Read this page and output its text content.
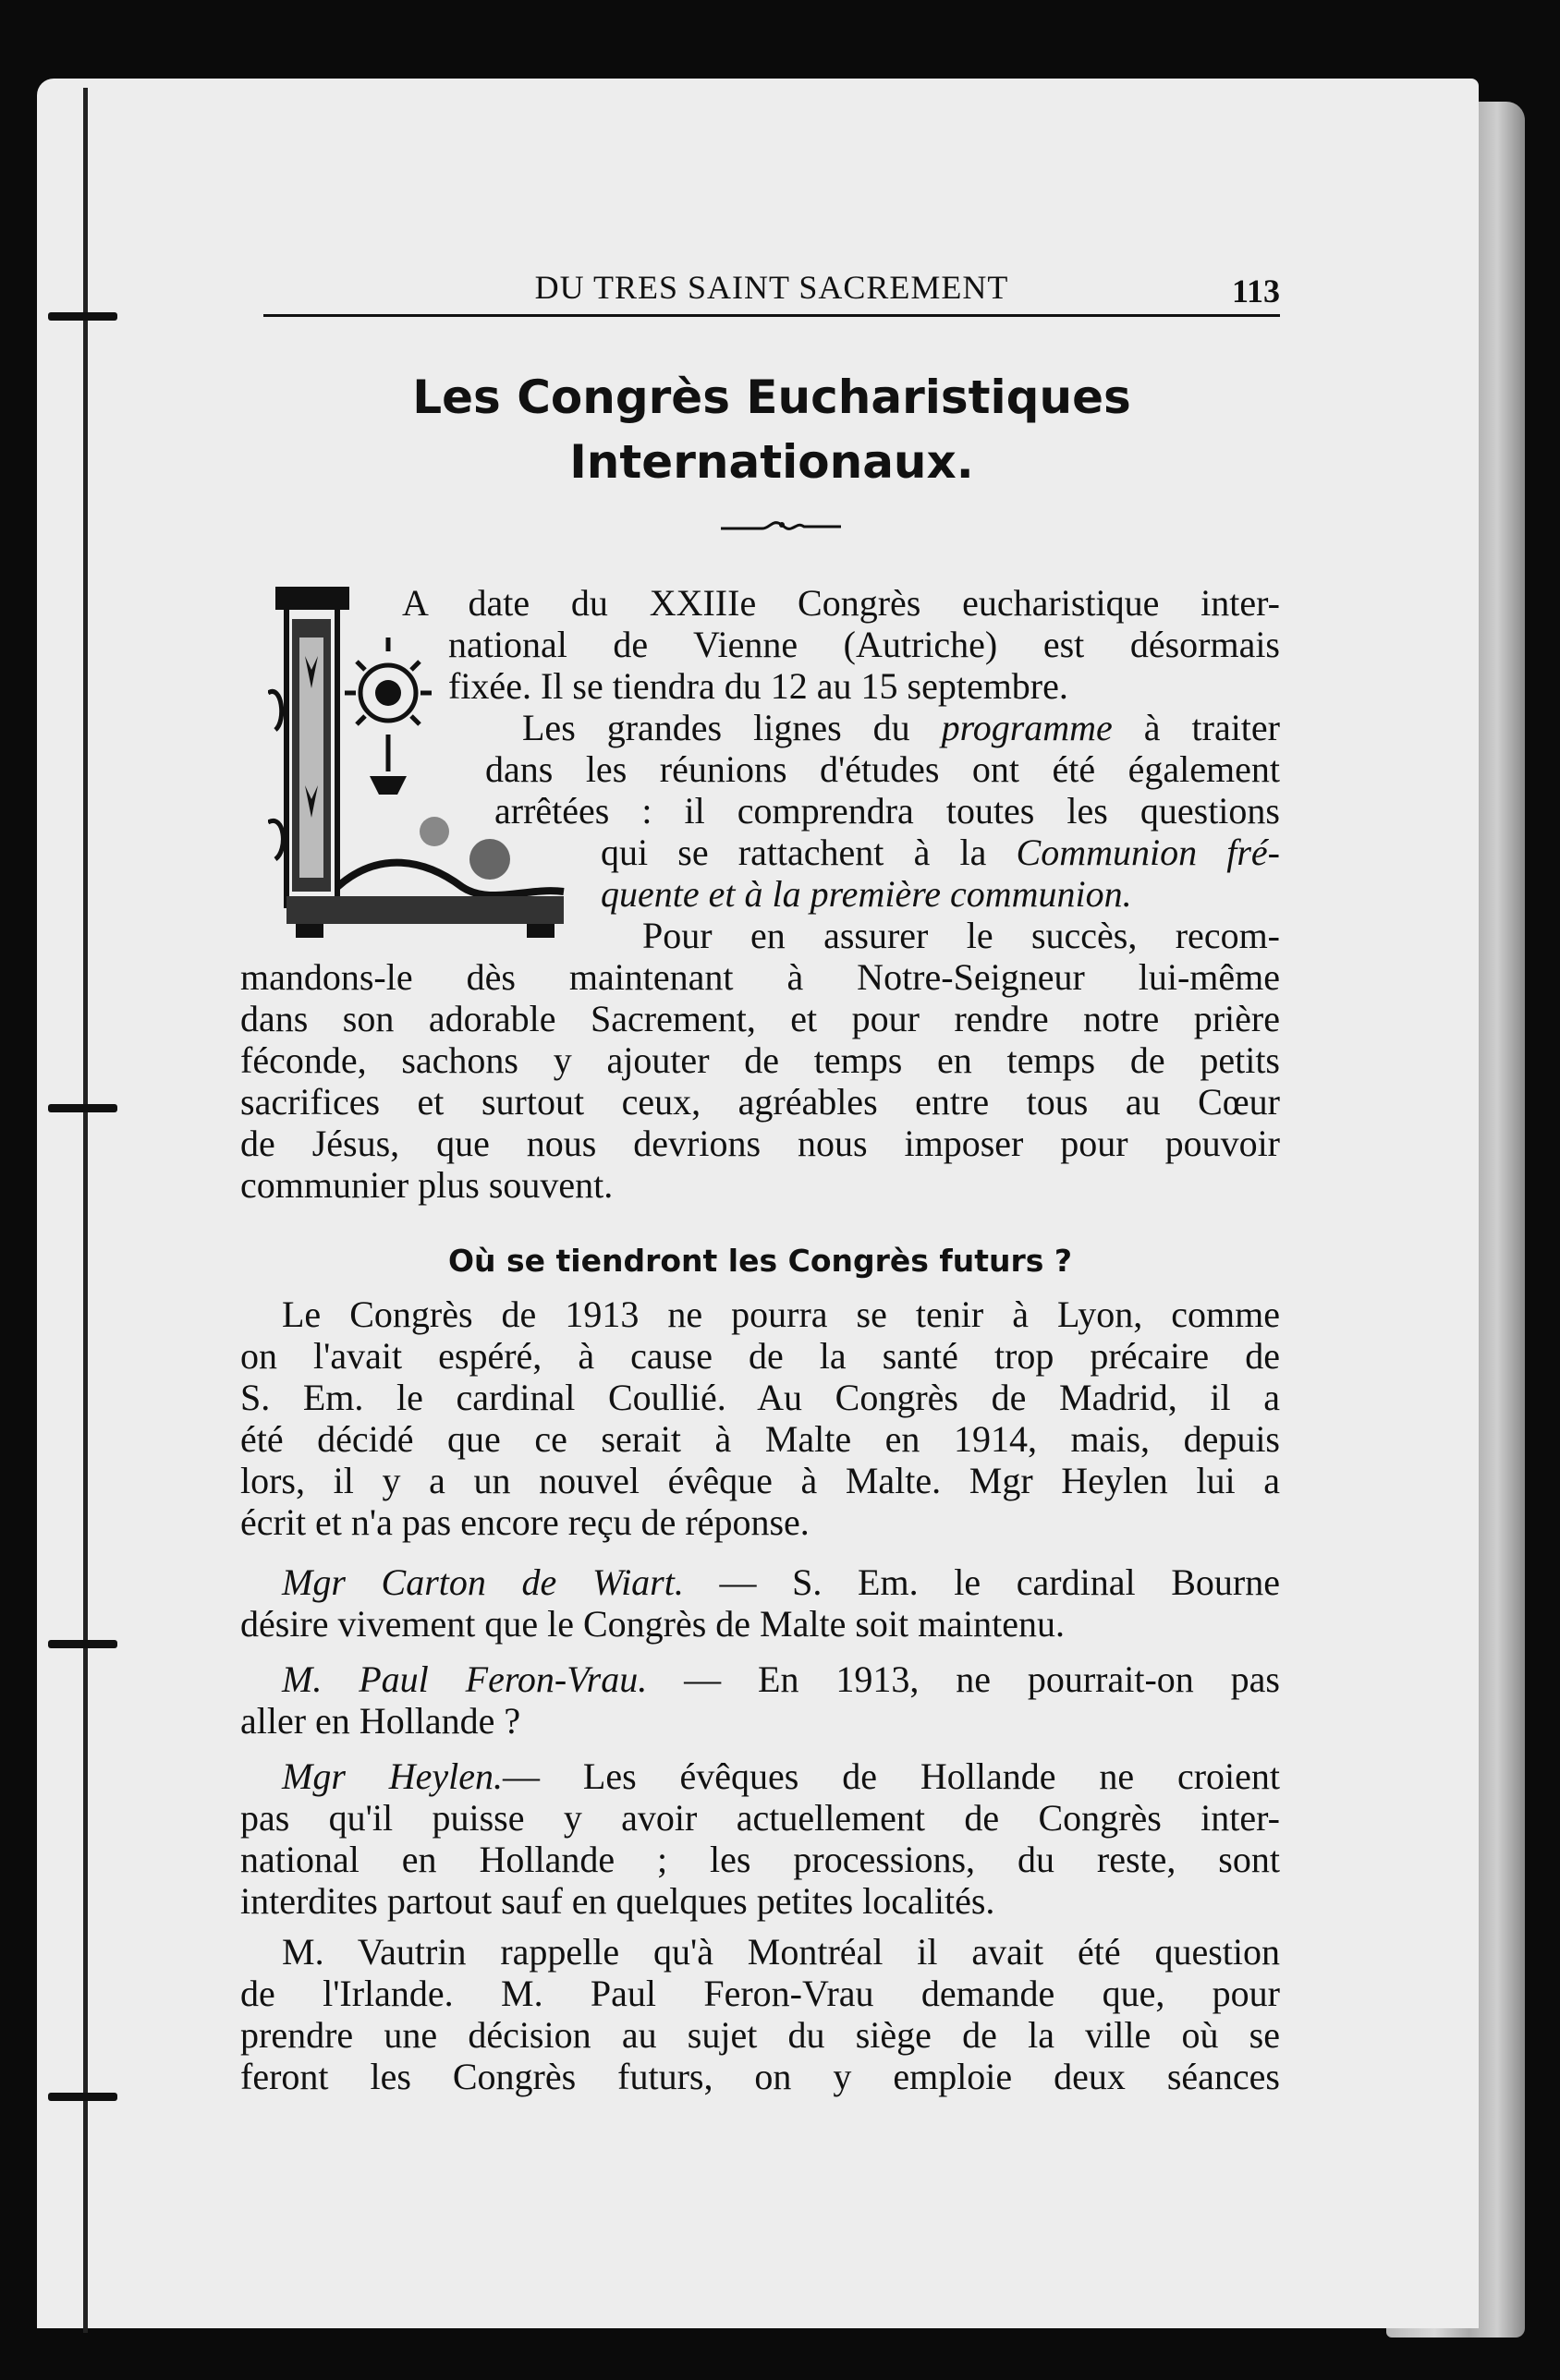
DU TRES SAINT SACREMENT	113
Les Congrès Eucharistiques
Internationaux.
A date du XXIIIe Congrès eucharistique inter-
national de Vienne (Autriche) est désormais
fixée. Il se tiendra du 12 au 15 septembre.
Les grandes lignes du programme à traiter
dans les réunions d'études ont été également
arrêtées : il comprendra toutes les questions
qui se rattachent à la Communion fré-
quente et à la première communion.
Pour en assurer le succès, recom-
mandons-le dès maintenant à Notre-Seigneur lui-même
dans son adorable Sacrement, et pour rendre notre prière
féconde, sachons y ajouter de temps en temps de petits
sacrifices et surtout ceux, agréables entre tous au Cœur
de Jésus, que nous devrions nous imposer pour pouvoir
communier plus souvent.
Où se tiendront les Congrès futurs ?
Le Congrès de 1913 ne pourra se tenir à Lyon, comme
on l'avait espéré, à cause de la santé trop précaire de
S. Em. le cardinal Coullié. Au Congrès de Madrid, il a
été décidé que ce serait à Malte en 1914, mais, depuis
lors, il y a un nouvel évêque à Malte. Mgr Heylen lui a
écrit et n'a pas encore reçu de réponse.
Mgr Carton de Wiart. — S. Em. le cardinal Bourne
désire vivement que le Congrès de Malte soit maintenu.
M. Paul Feron-Vrau. — En 1913, ne pourrait-on pas
aller en Hollande ?
Mgr Heylen.— Les évêques de Hollande ne croient
pas qu'il puisse y avoir actuellement de Congrès inter-
national en Hollande ; les processions, du reste, sont
interdites partout sauf en quelques petites localités.
M. Vautrin rappelle qu'à Montréal il avait été question
de l'Irlande. M. Paul Feron-Vrau demande que, pour
prendre une décision au sujet du siège de la ville où se
feront les Congrès futurs, on y emploie deux séances
